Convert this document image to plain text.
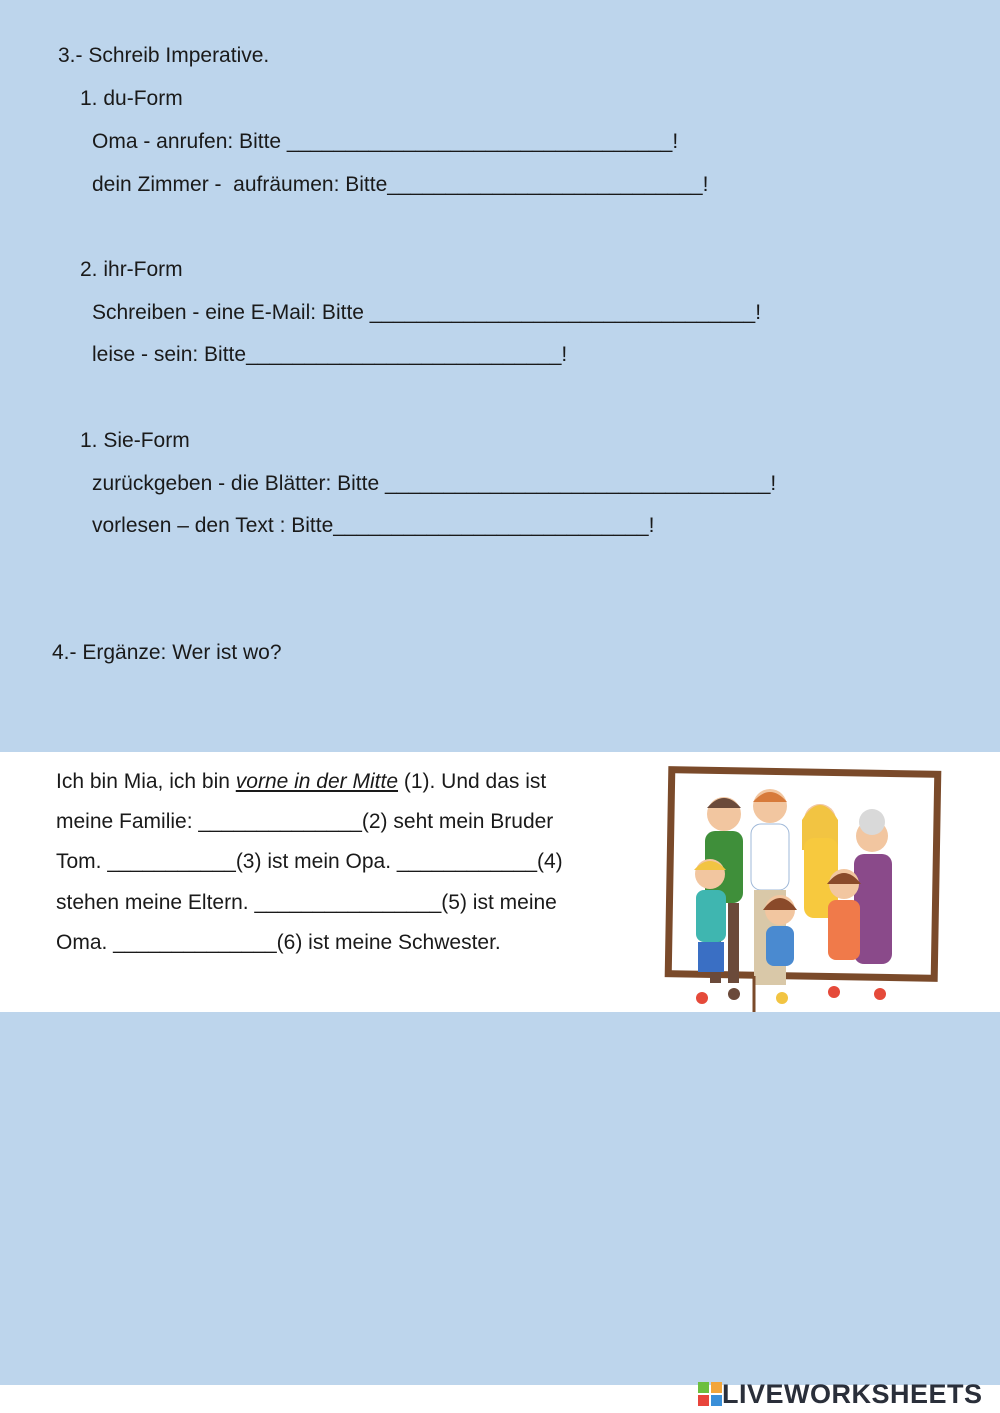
3.- Schreib Imperative.
1. du-Form
Oma - anrufen: Bitte _________________________________!
dein Zimmer -  aufräumen: Bitte___________________________!
2. ihr-Form
Schreiben - eine E-Mail: Bitte _________________________________!
leise - sein: Bitte___________________________!
1. Sie-Form
zurückgeben - die Blätter: Bitte _________________________________!
vorlesen – den Text : Bitte___________________________!
4.- Ergänze: Wer ist wo?
Ich bin Mia, ich bin vorne in der Mitte (1). Und das ist
meine Familie: ______________(2) seht mein Bruder
Tom. ___________(3) ist mein Opa. ____________(4)
stehen meine Eltern. ________________(5) ist meine
Oma. ______________(6) ist meine Schwester.
LIVEWORKSHEETS
